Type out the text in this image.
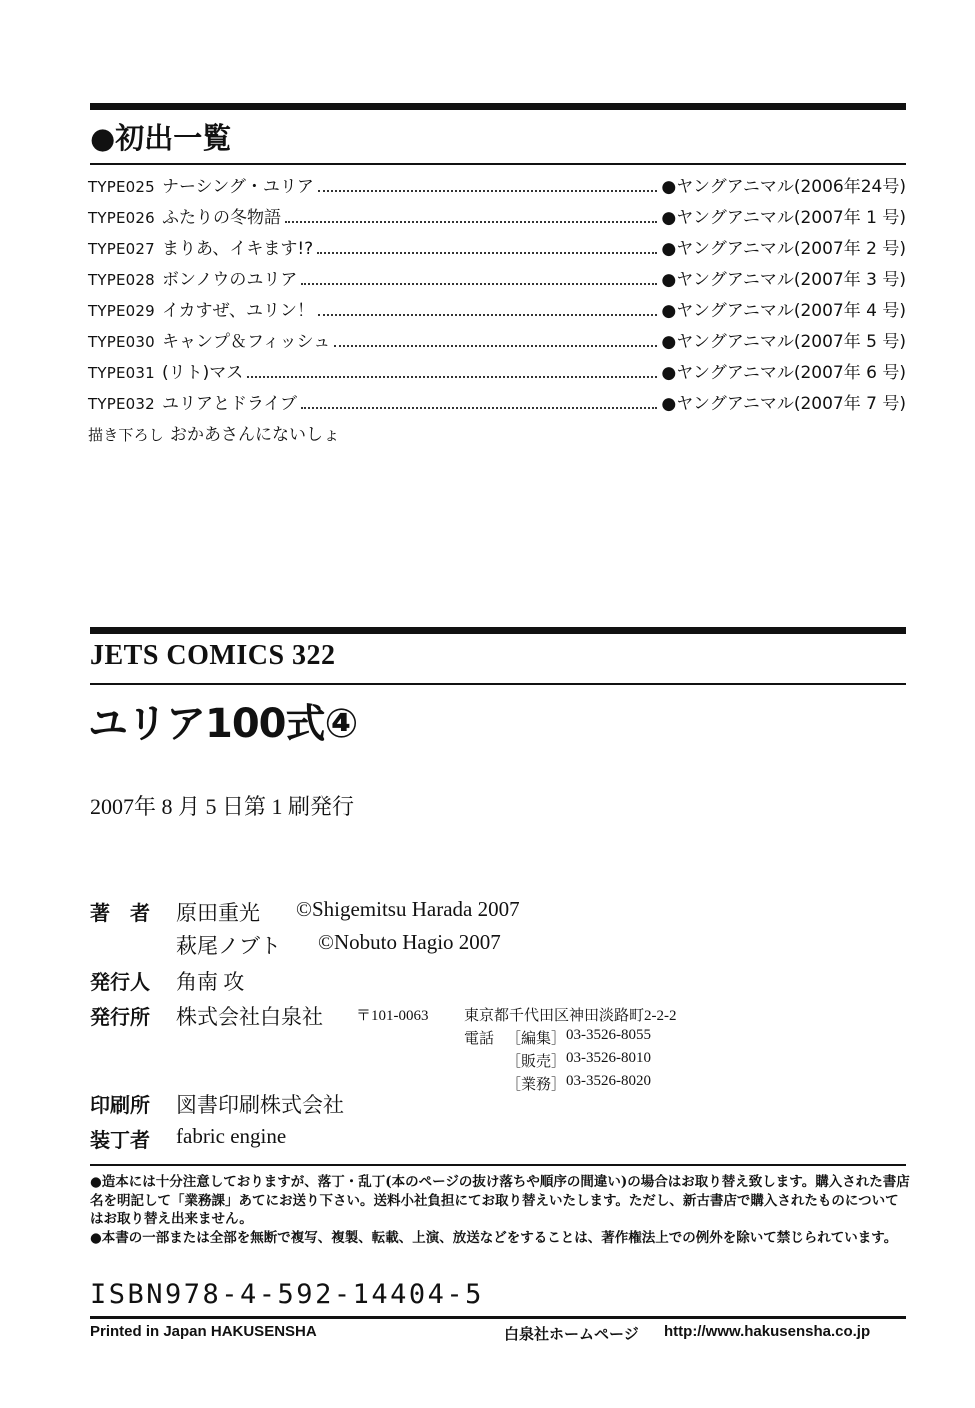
●初出一覧
TYPE025 ナーシング・ユリア	●ヤングアニマル(2006年24号)
TYPE026 ふたりの冬物語	●ヤングアニマル(2007年 1 号)
TYPE027 まりあ、イキます!?	●ヤングアニマル(2007年 2 号)
TYPE028 ボンノウのユリア	●ヤングアニマル(2007年 3 号)
TYPE029 イカすぜ、ユリン！	●ヤングアニマル(2007年 4 号)
TYPE030 キャンプ＆フィッシュ	●ヤングアニマル(2007年 5 号)
TYPE031 (リト)マス	●ヤングアニマル(2007年 6 号)
TYPE032 ユリアとドライブ	●ヤングアニマル(2007年 7 号)
描き下ろし おかあさんにないしょ
JETS COMICS 322
ユリア100式④
2007年 8 月 5 日第 1 刷発行
著　者 原田重光 ©Shigemitsu Harada 2007
萩尾ノブト ©Nobuto Hagio 2007
発行人 角南 攻
発行所 株式会社白泉社 〒101-0063 東京都千代田区神田淡路町2-2-2
電話 ［編集］ 03-3526-8055
［販売］ 03-3526-8010
［業務］ 03-3526-8020
印刷所 図書印刷株式会社
装丁者 fabric engine

●造本には十分注意しておりますが、落丁・乱丁(本のページの抜け落ちや順序の間違い)の場合はお取り替え致します。購入された書店名を明記して「業務課」あてにお送り下さい。送料小社負担にてお取り替えいたします。ただし、新古書店で購入されたものについてはお取り替え出来ません。

●本書の一部または全部を無断で複写、複製、転載、上演、放送などをすることは、著作権法上での例外を除いて禁じられています。

ISBN978-4-592-14404-5
Printed in Japan HAKUSENSHA	白泉社ホームページ http://www.hakusensha.co.jp
